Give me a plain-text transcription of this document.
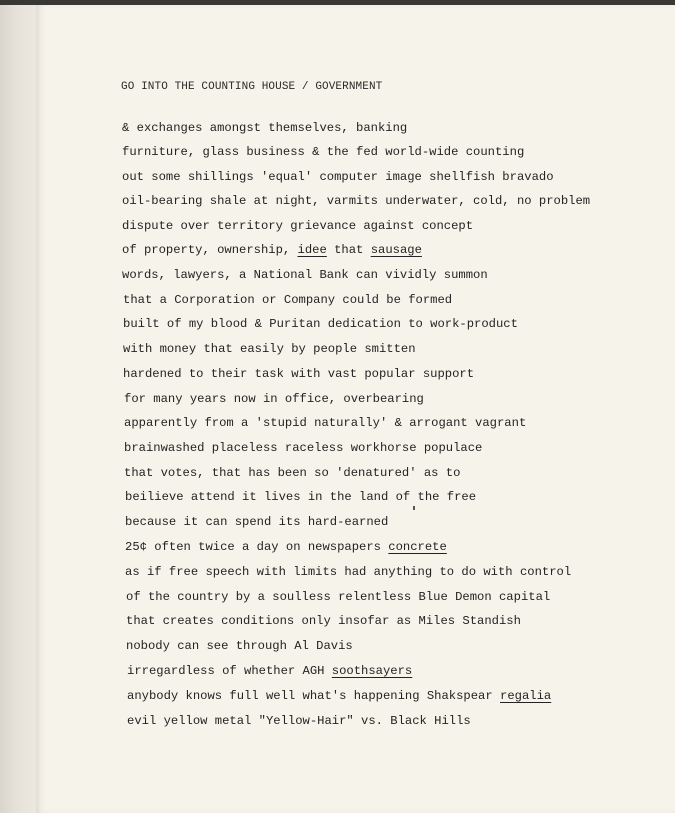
GO INTO THE COUNTING HOUSE / GOVERNMENT
& exchanges amongst themselves, banking
furniture, glass business & the fed world-wide counting
out some shillings 'equal' computer image shellfish bravado
oil-bearing shale at night, varmits underwater, cold, no problem
dispute over territory grievance against concept
of property, ownership, idee that sausage
words, lawyers, a National Bank can vividly summon
that a Corporation or Company could be formed
built of my blood & Puritan dedication to work-product
with money that easily by people smitten
hardened to their task with vast popular support
for many years now in office, overbearing
apparently from a 'stupid naturally' & arrogant vagrant
brainwashed placeless raceless workhorse populace
that votes, that has been so 'denatured' as to
beilieve attend it lives in the land of the free
because it can spend its hard-earned
25¢ often twice a day on newspapers concrete
as if free speech with limits had anything to do with control
of the country by a soulless relentless Blue Demon capital
that creates conditions only insofar as Miles Standish
nobody can see through Al Davis
irregardless of whether AGH soothsayers
anybody knows full well what's happening Shakspear regalia
evil yellow metal "Yellow-Hair" vs. Black Hills
